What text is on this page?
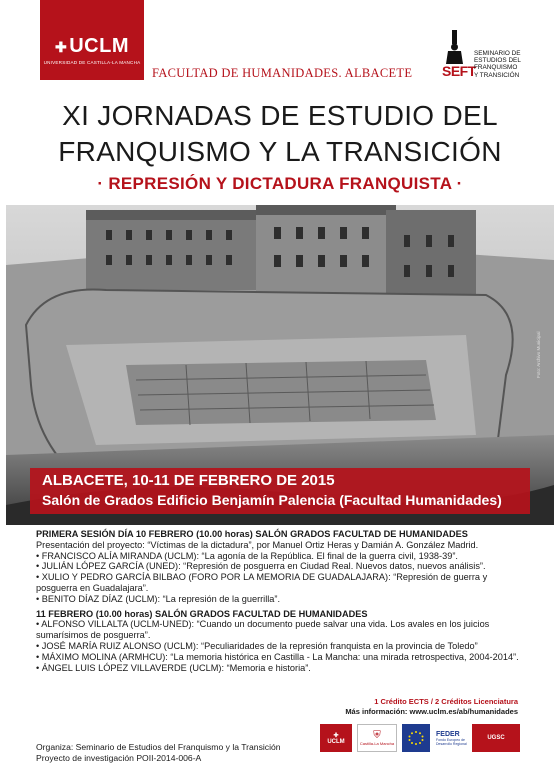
✚ UCLM
UNIVERSIDAD DE CASTILLA-LA MANCHA
FACULTAD DE HUMANIDADES. ALBACETE SEFT
SEMINARIO DE
ESTUDIOS DEL
FRANQUISMO
Y TRANSICIÓN
XI JORNADAS DE ESTUDIO DEL
FRANQUISMO Y LA TRANSICIÓN
· REPRESIÓN Y DICTADURA FRANQUISTA ·
Foto: Archivo Municipal
ALBACETE, 10-11 DE FEBRERO DE 2015
Salón de Grados Edificio Benjamín Palencia (Facultad Humanidades)

PRIMERA SESIÓN DÍA 10 FEBRERO (10.00 horas) SALÓN GRADOS FACULTAD DE HUMANIDADES

Presentación del proyecto: “Víctimas de la dictadura”, por Manuel Ortiz Heras y Damián A. González Madrid.

• FRANCISCO ALÍA MIRANDA (UCLM): “La agonía de la República. El final de la guerra civil, 1938-39”.

• JULIÁN LÓPEZ GARCÍA (UNED): “Represión de posguerra en Ciudad Real. Nuevos datos, nuevos análisis”.

• XULIO Y PEDRO GARCÍA BILBAO (FORO POR LA MEMORIA DE GUADALAJARA): “Represión de guerra y

posguerra en Guadalajara”.

• BENITO DÍAZ DÍAZ (UCLM): “La represión de la guerrilla”.

11 FEBRERO (10.00 horas) SALÓN GRADOS FACULTAD DE HUMANIDADES

• ALFONSO VILLALTA (UCLM-UNED): “Cuando un documento puede salvar una vida. Los avales en los juicios

sumarísimos de posguerra”.

• JOSÉ MARÍA RUIZ ALONSO (UCLM): “Peculiaridades de la represión franquista en la provincia de Toledo”

• MÁXIMO MOLINA (ARMHCU): “La memoria histórica en Castilla - La Mancha: una mirada retrospectiva, 2004-2014”.

• ÁNGEL LUIS LÓPEZ VILLAVERDE (UCLM): “Memoria e historia”.

1 Crédito ECTS / 2 Créditos Licenciatura
Más información: www.uclm.es/ab/humanidades
Organiza: Seminario de Estudios del Franquismo y la Transición
Proyecto de investigación POII-2014-006-A
✚
UCLM
⛨
Castilla-La Mancha
FEDER
Fondo Europeo de Desarrollo Regional
UGSC
